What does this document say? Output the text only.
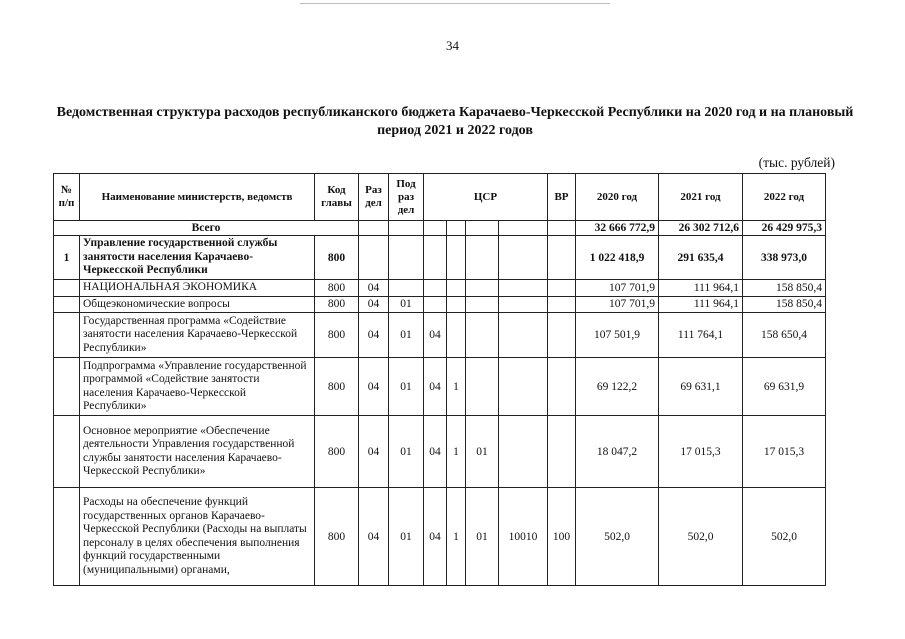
34
Ведомственная структура расходов республиканского бюджета Карачаево-Черкесской Республики на 2020 год и на плановый период 2021 и 2022 годов
(тыс. рублей)
№ п/п	Наименование министерств, ведомств	Код главы	Раз дел	Под раз дел	ЦСР				ВР	2020 год	2021 год	2022 год
Всего										32 666 772,9	26 302 712,6	26 429 975,3
1	Управление государственной службы занятости населения Карачаево-Черкесской Республики	800								1 022 418,9	291 635,4	338 973,0
	НАЦИОНАЛЬНАЯ ЭКОНОМИКА	800	04							107 701,9	111 964,1	158 850,4
	Общеэкономические вопросы	800	04	01						107 701,9	111 964,1	158 850,4
	Государственная программа «Содействие занятости населения Карачаево-Черкесской Республики»	800	04	01	04					107 501,9	111 764,1	158 650,4
	Подпрограмма «Управление государственной программой «Содействие занятости населения Карачаево-Черкесской Республики»	800	04	01	04	1				69 122,2	69 631,1	69 631,9
	Основное мероприятие «Обеспечение деятельности Управления государственной службы занятости населения Карачаево-Черкесской Республики»	800	04	01	04	1	01			18 047,2	17 015,3	17 015,3
	Расходы на обеспечение функций государственных органов Карачаево-Черкесской Республики (Расходы на выплаты персоналу в целях обеспечения выполнения функций государственными (муниципальными) органами,	800	04	01	04	1	01	10010	100	502,0	502,0	502,0
